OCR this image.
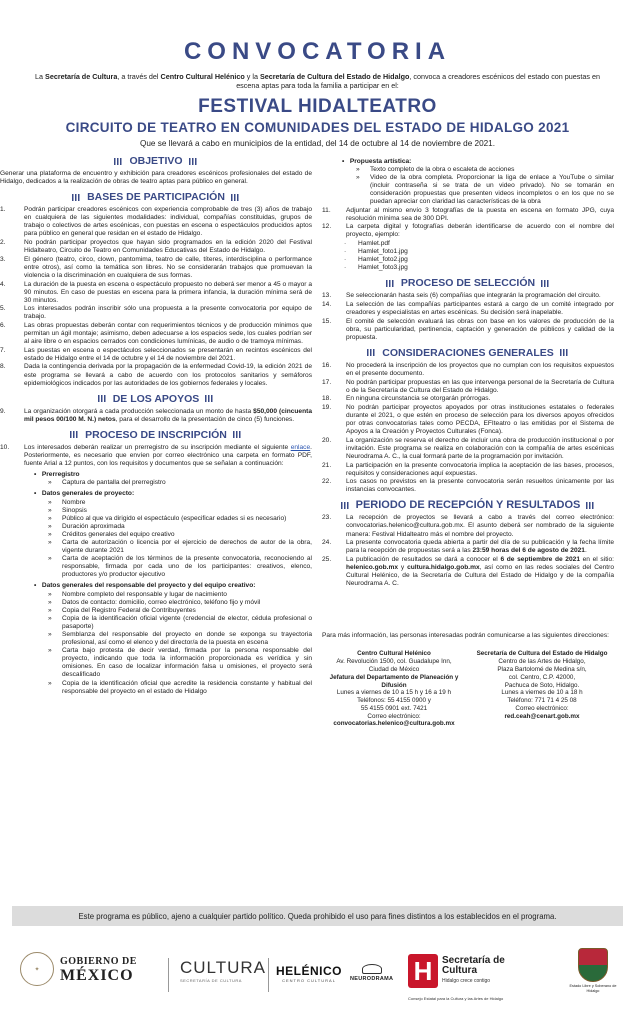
CONVOCATORIA
La Secretaría de Cultura, a través del Centro Cultural Helénico y la Secretaría de Cultura del Estado de Hidalgo, convoca a creadores escénicos del estado con puestas en escena aptas para toda la familia a participar en el:
FESTIVAL HIDALTEATRO
CIRCUITO DE TEATRO EN COMUNIDADES DEL ESTADO DE HIDALGO 2021
Que se llevará a cabo en municipios de la entidad, del 14 de octubre al 14 de noviembre de 2021.
OBJETIVO
Generar una plataforma de encuentro y exhibición para creadores escénicos profesionales del estado de Hidalgo, dedicados a la realización de obras de teatro aptas para público en general.
BASES DE PARTICIPACIÓN
1.	Podrán participar creadores escénicos con experiencia comprobable de tres (3) años de trabajo en cualquiera de las siguientes modalidades: individual, compañías constituidas, grupos de trabajo o colectivos de artes escénicas, con puestas en escena o espectáculos producidos aptos para público en general que residan en el estado de Hidalgo.
2.	No podrán participar proyectos que hayan sido programados en la edición 2020 del Festival Hidalteatro, Circuito de Teatro en Comunidades Educativas del Estado de Hidalgo.
3.	El género (teatro, circo, clown, pantomima, teatro de calle, títeres, interdisciplina o performance entre otros), así como la temática son libres. No se considerarán trabajos que promuevan la violencia o la discriminación en cualquiera de sus formas.
4.	La duración de la puesta en escena o espectáculo propuesto no deberá ser menor a 45 o mayor a 90 minutos. En caso de puestas en escena para la primera infancia, la duración mínima será de 30 minutos.
5.	Los interesados podrán inscribir sólo una propuesta a la presente convocatoria por equipo de trabajo.
6.	Las obras propuestas deberán contar con requerimientos técnicos y de producción mínimos que permitan un ágil montaje; asimismo, deben adecuarse a los espacios sede, los cuales podrían ser al aire libre o en espacios cerrados con condiciones lumínicas, de audio o de tramoya mínimas.
7.	Las puestas en escena o espectáculos seleccionados se presentarán en recintos escénicos del estado de Hidalgo entre el 14 de octubre y el 14 de noviembre del 2021.
8.	Dada la contingencia derivada por la propagación de la enfermedad Covid-19, la edición 2021 de este programa se llevará a cabo de acuerdo con los protocolos sanitarios y semáforos epidemiológicos indicados por las autoridades de los gobiernos federales y locales.
DE LOS APOYOS
9.	La organización otorgará a cada producción seleccionada un monto de hasta $50,000 (cincuenta mil pesos 00/100 M. N.) netos, para el desarrollo de la presentación de cinco (5) funciones.
PROCESO DE INSCRIPCIÓN
10.	Los interesados deberán realizar un prerregistro de su inscripción mediante el siguiente enlace. Posteriormente, es necesario que envíen por correo electrónico una carpeta en formato PDF, fuente Arial a 12 puntos, con los requisitos y documentos que se señalan a continuación:
•   Prerregistro
»	Captura de pantalla del prerregistro
•   Datos generales de proyecto:
»	Nombre
»	Sinopsis
»	Público al que va dirigido el espectáculo (especificar edades si es necesario)
»	Duración aproximada
»	Créditos generales del equipo creativo
»	Carta de autorización o licencia por el ejercicio de derechos de autor de la obra, vigente durante 2021
»	Carta de aceptación de los términos de la presente convocatoria, reconociendo al responsable, firmada por cada uno de los participantes: creativos, elenco, productores y/o productor ejecutivo
•   Datos generales del responsable del proyecto y del equipo creativo:
»	Nombre completo del responsable y lugar de nacimiento
»	Datos de contacto: domicilio, correo electrónico, teléfono fijo y móvil
»	Copia del Registro Federal de Contribuyentes
»	Copia de la identificación oficial vigente (credencial de elector, cédula profesional o pasaporte)
»	Semblanza del responsable del proyecto en donde se exponga su trayectoria profesional, así como el elenco y del director/a de la puesta en escena
»	Carta bajo protesta de decir verdad, firmada por la persona responsable del proyecto, indicando que toda la información proporcionada es verídica y sin omisiones. En caso de localizar información falsa u omisiones, el proyecto será descalificado
»	Copia de la identificación oficial que acredite la residencia constante y habitual del responsable del proyecto en el estado de Hidalgo
•   Propuesta artística:
»	Texto completo de la obra o escaleta de acciones
»	Video de la obra completa. Proporcionar la liga de enlace a YouTube o similar (incluir contraseña si se trata de un video privado). No se tomarán en consideración propuestas que presenten videos incompletos o en los que no se puedan apreciar con claridad las características de la obra
11.	Adjuntar al mismo envío 3 fotografías de la puesta en escena en formato JPG, cuya resolución mínima sea de 300 DPI.
12.	La carpeta digital y fotografías deberán identificarse de acuerdo con el nombre del proyecto, ejemplo:
·	Hamlet.pdf
·	Hamlet_foto1.jpg
·	Hamlet_foto2.jpg
·	Hamlet_foto3.jpg
PROCESO DE SELECCIÓN
13.	Se seleccionarán hasta seis (6) compañías que integrarán la programación del circuito.
14.	La selección de las compañías participantes estará a cargo de un comité integrado por creadores y especialistas en artes escénicas. Su decisión será inapelable.
15.	El comité de selección evaluará las obras con base en los valores de producción de la obra, su particularidad, pertinencia, captación y generación de públicos y calidad de la propuesta.
CONSIDERACIONES GENERALES
16.	No procederá la inscripción de los proyectos que no cumplan con los requisitos expuestos en el presente documento.
17.	No podrán participar propuestas en las que intervenga personal de la Secretaría de Cultura o de la Secretaría de Cultura del Estado de Hidalgo.
18.	En ninguna circunstancia se otorgarán prórrogas.
19.	No podrán participar proyectos apoyados por otras instituciones estatales o federales durante el 2021, o que estén en proceso de selección para los diversos apoyos ofrecidos por otras convocatorias tales como PECDA, EFIteatro o las emitidas por el Sistema de Apoyos a la Creación y Proyectos Culturales (Fonca).
20.	La organización se reserva el derecho de incluir una obra de producción institucional o por invitación. Este programa se realiza en colaboración con la compañía de artes escénicas Neurodrama A. C., la cual formará parte de la programación por invitación.
21.	La participación en la presente convocatoria implica la aceptación de las bases, procesos, requisitos y consideraciones aquí expuestas.
22.	Los casos no previstos en la presente convocatoria serán resueltos únicamente por las instancias convocantes.
PERIODO DE RECEPCIÓN Y RESULTADOS
23.	La recepción de proyectos se llevará a cabo a través del correo electrónico: convocatorias.helenico@cultura.gob.mx. El asunto deberá ser nombrado de la siguiente manera: Festival Hidalteatro más el nombre del proyecto.
24.	La presente convocatoria queda abierta a partir del día de su publicación y la fecha límite para la recepción de propuestas será a las 23:59 horas del 6 de agosto de 2021.
25.	La publicación de resultados se dará a conocer el 6 de septiembre de 2021 en el sitio: helenico.gob.mx y cultura.hidalgo.gob.mx, así como en las redes sociales del Centro Cultural Helénico, de la Secretaría de Cultura del Estado de Hidalgo y de la compañía Neurodrama A. C.
Para más información, las personas interesadas podrán comunicarse a las siguientes direcciones:
Centro Cultural Helénico
Av. Revolución 1500, col. Guadalupe Inn,
Ciudad de México
Jefatura del Departamento de Planeación y Difusión
Lunes a viernes de 10 a 15 h y 16 a 19 h
Teléfonos: 55 4155 0900 y
55 4155 0901 ext. 7421
Correo electrónico:
convocatorias.helenico@cultura.gob.mx
Secretaría de Cultura del Estado de Hidalgo
Centro de las Artes de Hidalgo,
Plaza Bartolomé de Medina s/n,
col. Centro, C.P. 42000,
Pachuca de Soto, Hidalgo.
Lunes a viernes de 10 a 18 h
Teléfono: 771 71 4 25 08
Correo electrónico:
red.ceah@cenart.gob.mx
Este programa es público, ajeno a cualquier partido político. Queda prohibido el uso para fines distintos a los establecidos en el programa.
✦
GOBIERNO DE
MÉXICO	CULTURA
SECRETARÍA DE CULTURA
HELÉNICO
CENTRO CULTURAL	NEURODRAMA H Secretaría de
Cultura
Hidalgo crece contigo
Consejo Estatal para la Cultura y las Artes de Hidalgo
Estado Libre y Soberano de Hidalgo
